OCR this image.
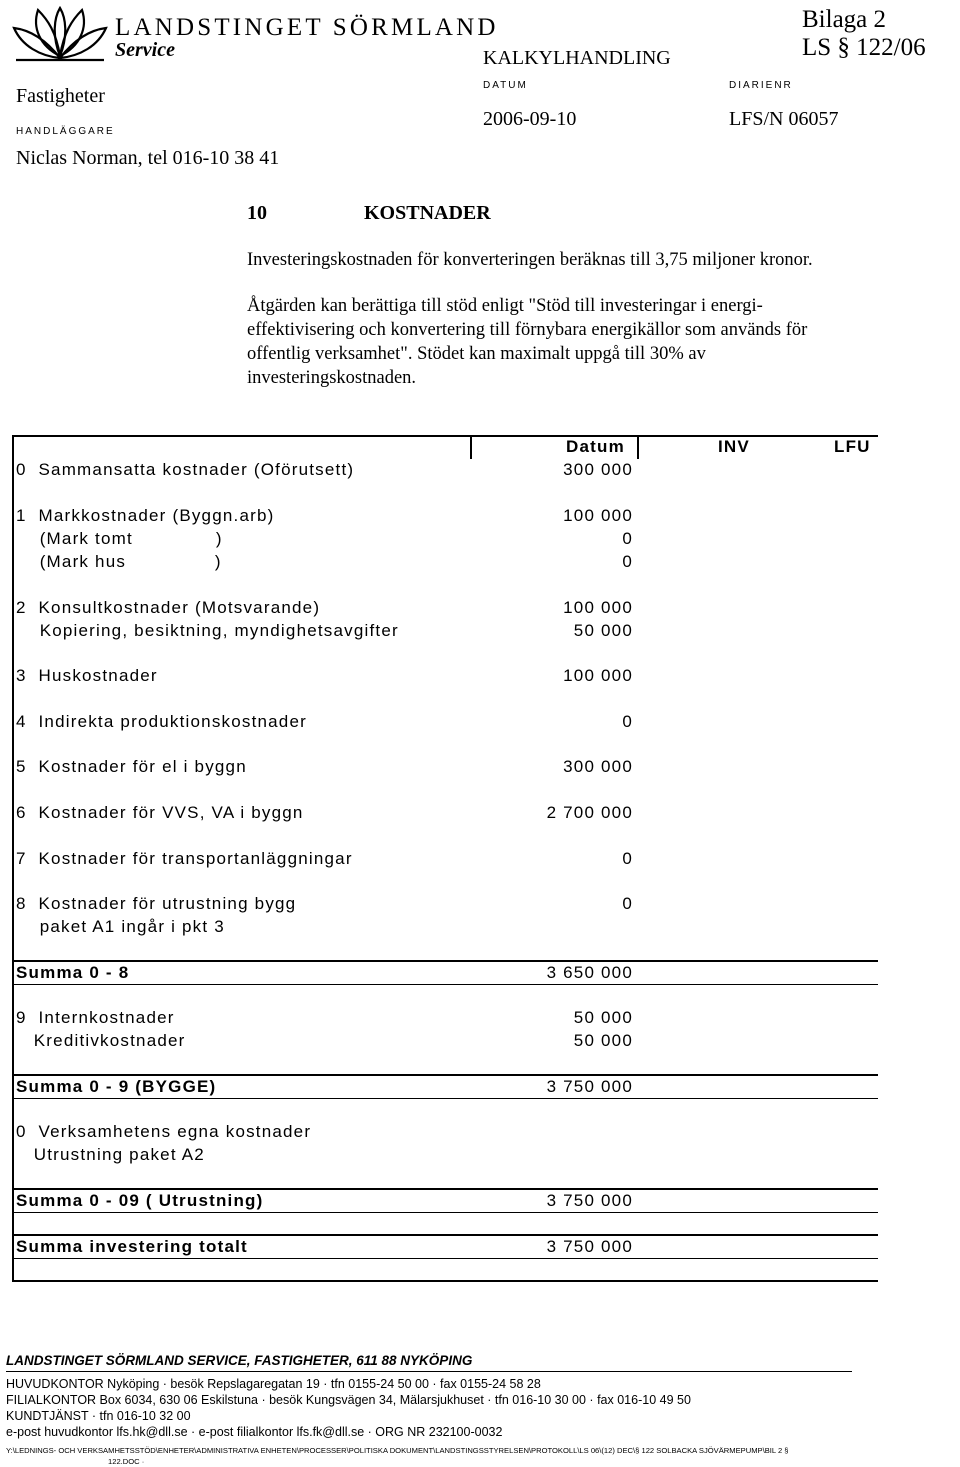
LANDSTINGET SÖRMLAND
Service
Bilaga 2
LS § 122/06
KALKYLHANDLING
Fastigheter
HANDLÄGGARE
Niclas Norman, tel 016-10 38 41
DATUM
2006-09-10
DIARIENR
LFS/N 06057
10	KOSTNADER
Investeringskostnaden för konverteringen beräknas till 3,75 miljoner kronor.
Åtgärden kan berättiga till stöd enligt "Stöd till investeringar i energi-
effektivisering och konvertering till förnybara energikällor som används för
offentlig verksamhet". Stödet kan maximalt uppgå till 30% av
investeringskostnaden.
Datum	INV	LFU
0  Sammansatta kostnader (Oförutsett)	300 000
1  Markkostnader (Byggn.arb)	100 000
(Mark tomt              )	0
(Mark hus               )	0
2  Konsultkostnader (Motsvarande)	100 000
Kopiering, besiktning, myndighetsavgifter	50 000
3  Huskostnader	100 000
4  Indirekta produktionskostnader	0
5  Kostnader för el i byggn	300 000
6  Kostnader för VVS, VA i byggn	2 700 000
7  Kostnader för transportanläggningar	0
8  Kostnader för utrustning bygg	0
paket A1 ingår i pkt 3
Summa 0 - 8	3 650 000
9  Internkostnader	50 000
Kreditivkostnader	50 000
Summa 0 - 9 (BYGGE)	3 750 000
0  Verksamhetens egna kostnader
Utrustning paket A2
Summa 0 - 09 ( Utrustning)	3 750 000
Summa investering totalt	3 750 000
LANDSTINGET SÖRMLAND SERVICE, FASTIGHETER, 611 88 NYKÖPING
HUVUDKONTOR Nyköping · besök Repslagaregatan 19 · tfn 0155-24 50 00 · fax 0155-24 58 28
FILIALKONTOR Box 6034, 630 06 Eskilstuna · besök Kungsvägen 34, Mälarsjukhuset · tfn 016-10 30 00 · fax 016-10 49 50
KUNDTJÄNST · tfn 016-10 32 00
e-post huvudkontor lfs.hk@dll.se · e-post filialkontor lfs.fk@dll.se · ORG NR 232100-0032
Y:\LEDNINGS- OCH VERKSAMHETSSTÖD\ENHETER\ADMINISTRATIVA ENHETEN\PROCESSER\POLITISKA DOKUMENT\LANDSTINGSSTYRELSEN\PROTOKOLL\LS 06\(12) DEC\§ 122 SOLBACKA SJÖVÄRMEPUMP\BIL 2 §
122.DOC ·
